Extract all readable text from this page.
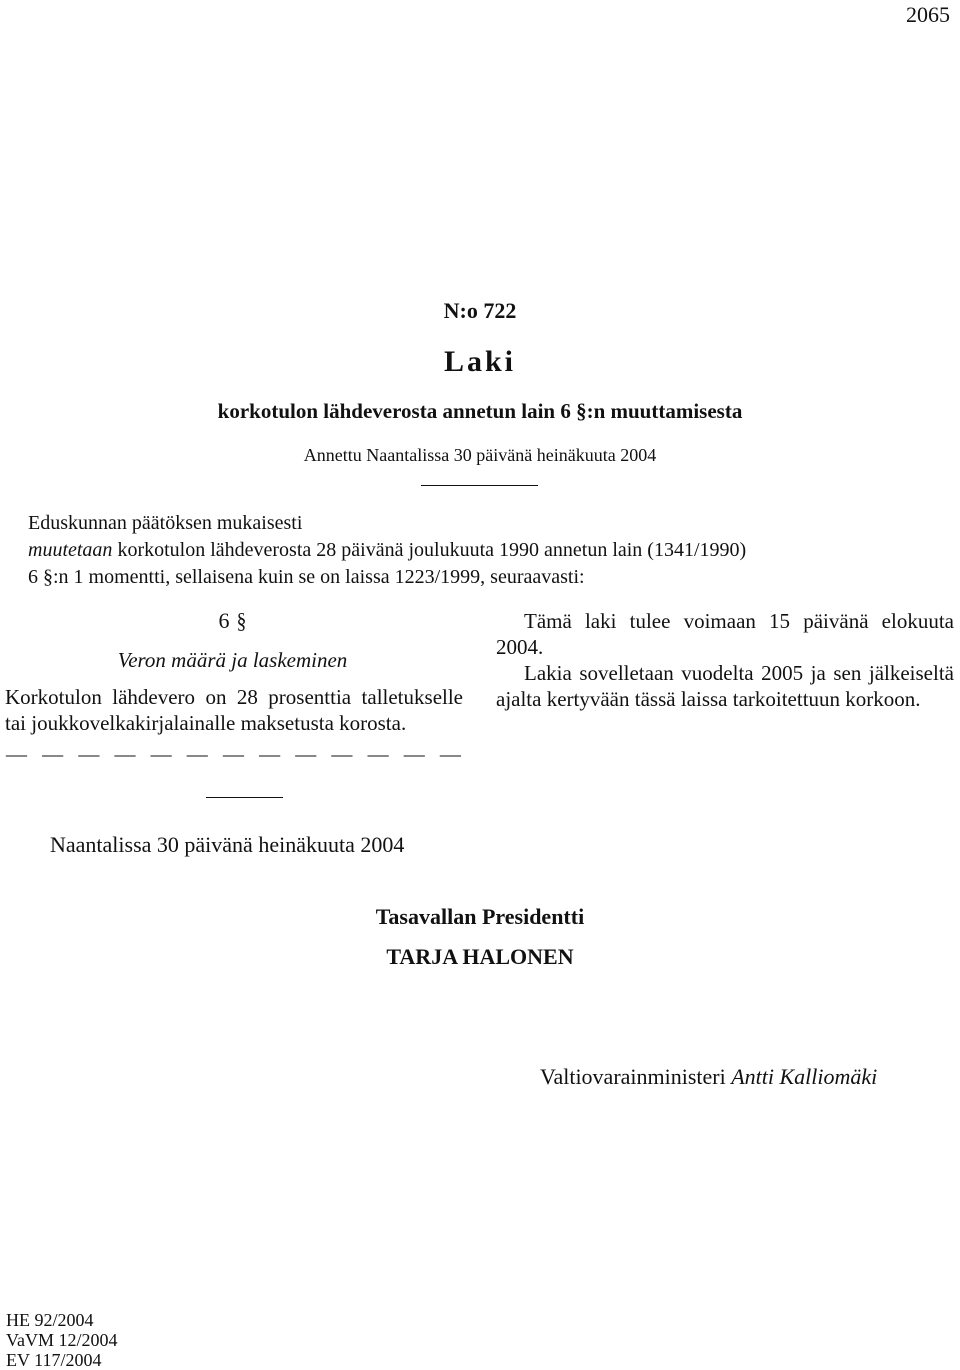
2065
N:o 722
Laki
korkotulon lähdeverosta annetun lain 6 §:n muuttamisesta
Annettu Naantalissa 30 päivänä heinäkuuta 2004
Eduskunnan päätöksen mukaisesti
muutetaan korkotulon lähdeverosta 28 päivänä joulukuuta 1990 annetun lain (1341/1990)
6 §:n 1 momentti, sellaisena kuin se on laissa 1223/1999, seuraavasti:
6 §
Veron määrä ja laskeminen
Korkotulon lähdevero on 28 prosenttia talletukselle tai joukkovelkakirjalainalle maksetusta korosta.
— — — — — — — — — — — — —

Tämä laki tulee voimaan 15 päivänä elokuuta 2004.

Lakia sovelletaan vuodelta 2005 ja sen jälkeiseltä ajalta kertyvään tässä laissa tarkoitettuun korkoon.

Naantalissa 30 päivänä heinäkuuta 2004
Tasavallan Presidentti
TARJA HALONEN
Valtiovarainministeri Antti Kalliomäki
HE 92/2004
VaVM 12/2004
EV 117/2004
